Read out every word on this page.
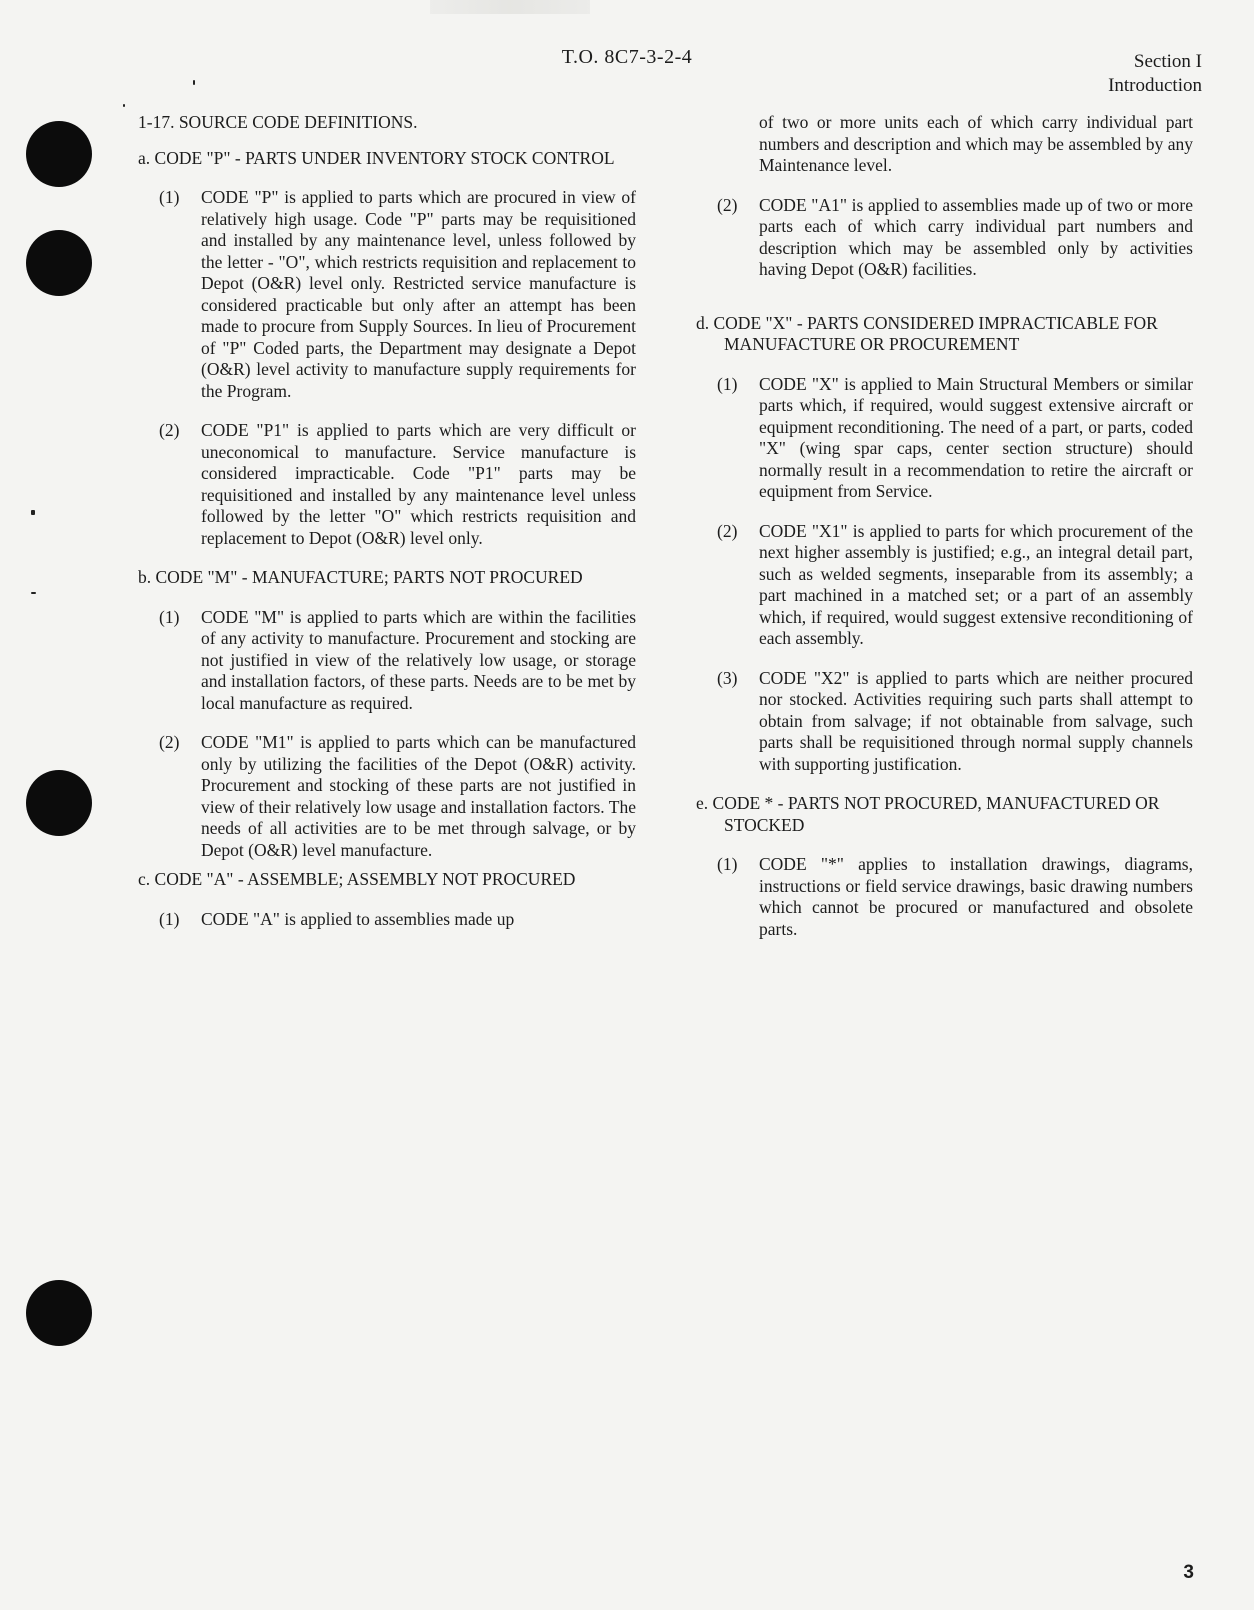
T.O. 8C7-3-2-4	Section I
Introduction
1-17. SOURCE CODE DEFINITIONS.
a. CODE "P" - PARTS UNDER INVENTORY STOCK CONTROL
(1) CODE "P" is applied to parts which are procured in view of relatively high usage. Code "P" parts may be requisitioned and installed by any maintenance level, unless followed by the letter - "O", which restricts requisition and replacement to Depot (O&R) level only. Restricted service manufacture is considered practicable but only after an attempt has been made to procure from Supply Sources. In lieu of Procurement of "P" Coded parts, the Department may designate a Depot (O&R) level activity to manufacture supply requirements for the Program.
(2) CODE "P1" is applied to parts which are very difficult or uneconomical to manufacture. Service manufacture is considered impracticable. Code "P1" parts may be requisitioned and installed by any maintenance level unless followed by the letter "O" which restricts requisition and replacement to Depot (O&R) level only.
b. CODE "M" - MANUFACTURE; PARTS NOT PROCURED
(1) CODE "M" is applied to parts which are within the facilities of any activity to manufacture. Procurement and stocking are not justified in view of the relatively low usage, or storage and installation factors, of these parts. Needs are to be met by local manufacture as required.
(2) CODE "M1" is applied to parts which can be manufactured only by utilizing the facilities of the Depot (O&R) activity. Procurement and stocking of these parts are not justified in view of their relatively low usage and installation factors. The needs of all activities are to be met through salvage, or by Depot (O&R) level manufacture.
c. CODE "A" - ASSEMBLE; ASSEMBLY NOT PROCURED
(1) CODE "A" is applied to assemblies made up
of two or more units each of which carry individual part numbers and description and which may be assembled by any Maintenance level.
(2) CODE "A1" is applied to assemblies made up of two or more parts each of which carry individual part numbers and description which may be assembled only by activities having Depot (O&R) facilities.
d. CODE "X" - PARTS CONSIDERED IMPRACTICABLE FOR MANUFACTURE OR PROCUREMENT
(1) CODE "X" is applied to Main Structural Members or similar parts which, if required, would suggest extensive aircraft or equipment reconditioning. The need of a part, or parts, coded "X" (wing spar caps, center section structure) should normally result in a recommendation to retire the aircraft or equipment from Service.
(2) CODE "X1" is applied to parts for which procurement of the next higher assembly is justified; e.g., an integral detail part, such as welded segments, inseparable from its assembly; a part machined in a matched set; or a part of an assembly which, if required, would suggest extensive reconditioning of each assembly.
(3) CODE "X2" is applied to parts which are neither procured nor stocked. Activities requiring such parts shall attempt to obtain from salvage; if not obtainable from salvage, such parts shall be requisitioned through normal supply channels with supporting justification.
e. CODE * - PARTS NOT PROCURED, MANUFACTURED OR STOCKED
(1) CODE "*" applies to installation drawings, diagrams, instructions or field service drawings, basic drawing numbers which cannot be procured or manufactured and obsolete parts.
3
